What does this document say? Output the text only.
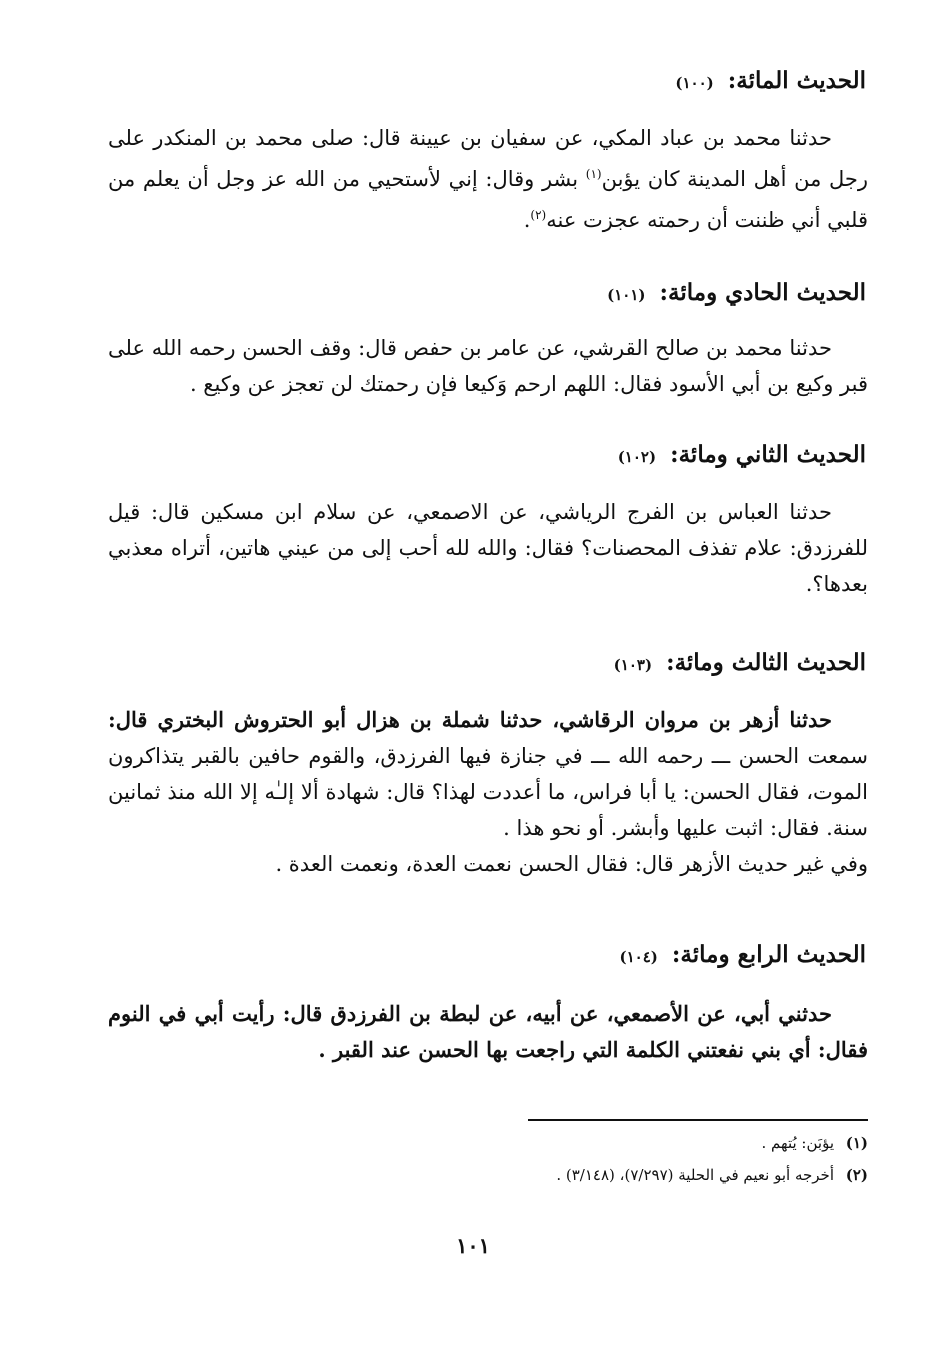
الحديث المائة: (١٠٠)
حدثنا محمد بن عباد المكي، عن سفيان بن عيينة قال: صلى محمد بن المنكدر على رجل من أهل المدينة كان يؤبن$^{(١)}$ بشر وقال: إني لأستحيي من الله عز وجل أن يعلم من قلبي أني ظننت أن رحمته عجزت عنه$^{(٢)}$.
الحديث الحادي ومائة: (١٠١)
حدثنا محمد بن صالح القرشي، عن عامر بن حفص قال: وقف الحسن رحمه الله على قبر وكيع بن أبي الأسود فقال: اللهم ارحم وَكيعا فإن رحمتك لن تعجز عن وكيع .
الحديث الثاني ومائة: (١٠٢)
حدثنا العباس بن الفرج الرياشي، عن الاصمعي، عن سلام ابن مسكين قال: قيل للفرزدق: علام تفذف المحصنات؟ فقال: والله لله أحب إلى من عيني هاتين، أتراه معذبي بعدها؟.
الحديث الثالث ومائة: (١٠٣)
حدثنا أزهر بن مروان الرقاشي، حدثنا شملة بن هزال أبو الحتروش البختري قال: سمعت الحسن ـــ رحمه الله ـــ في جنازة فيها الفرزدق، والقوم حافين بالقبر يتذاكرون الموت، فقال الحسن: يا أبا فراس، ما أعددت لهذا؟ قال: شهادة ألا إلـٰه إلا الله منذ ثمانين سنة. فقال: اثبت عليها وأبشر. أو نحو هذا .
وفي غير حديث الأزهر قال: فقال الحسن نعمت العدة، ونعمت العدة .
الحديث الرابع ومائة: (١٠٤)
حدثني أبي، عن الأصمعي، عن أبيه، عن لبطة بن الفرزدق قال: رأيت أبي في النوم فقال: أي بني نفعتني الكلمة التي راجعت بها الحسن عند القبر .
(١)يؤبَن: يُتهم .
(٢)أخرجه أبو نعيم في الحلية (٧/٢٩٧)، (٣/١٤٨) .
١٠١
